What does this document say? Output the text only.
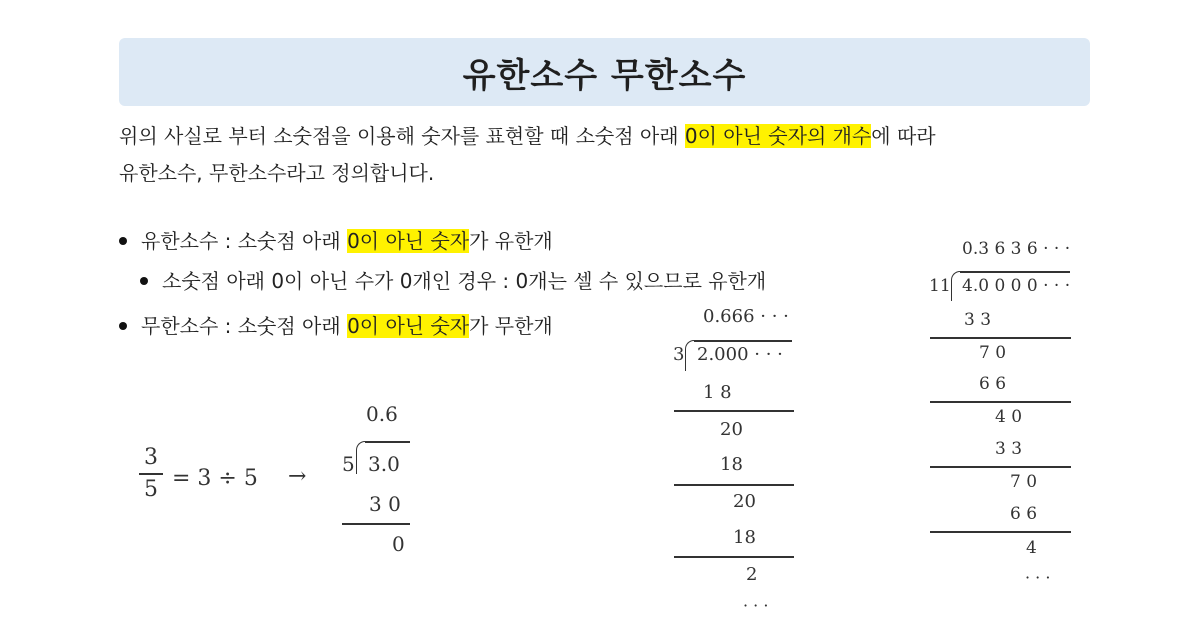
유한소수 무한소수
위의 사실로 부터 소숫점을 이용해 숫자를 표현할 때 소숫점 아래 0이 아닌 숫자의 개수에 따라
유한소수, 무한소수라고 정의합니다.
유한소수 : 소숫점 아래 0이 아닌 숫자가 유한개
소숫점 아래 0이 아닌 수가 0개인 경우 : 0개는 셀 수 있으므로 유한개
무한소수 : 소숫점 아래 0이 아닌 숫자가 무한개
3
5 = 3 ÷ 5 →
0.6
5 3.0
3 0
0
0.666 · · ·
3 2.000 · · ·
1 8
20
18
20
18
2
· · ·
0.3 6 3 6 · · ·
11 4.0 0 0 0 · · ·
3 3
7 0
6 6
4 0
3 3
7 0
6 6
4
· · ·
